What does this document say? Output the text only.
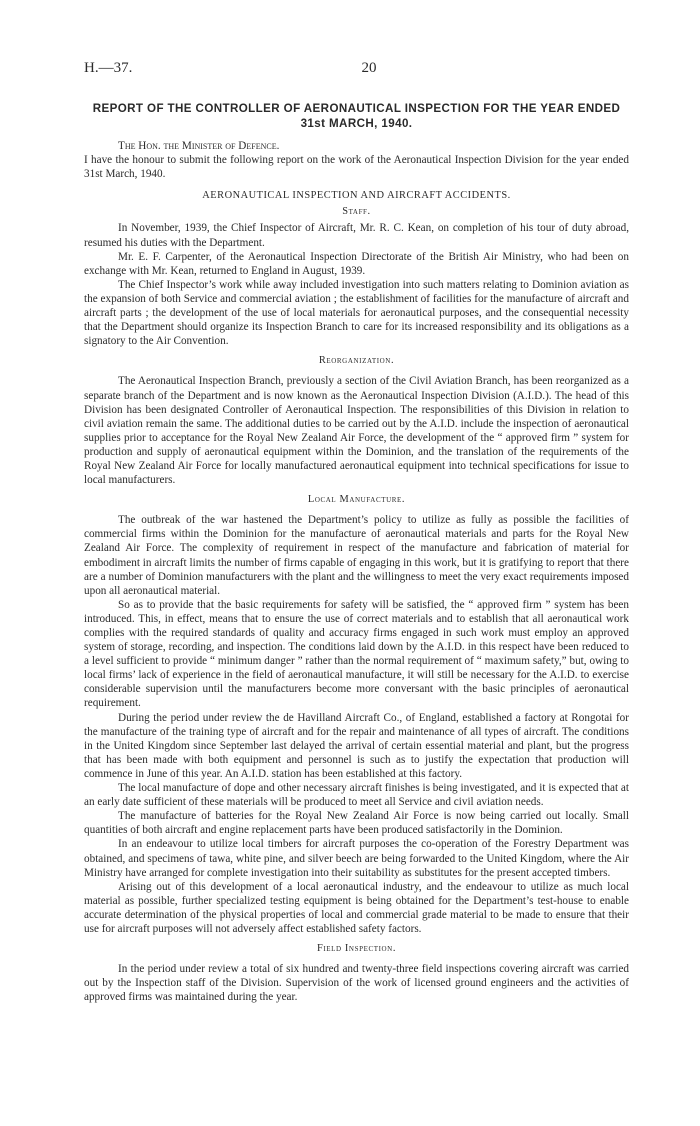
H.—37.	20
REPORT OF THE CONTROLLER OF AERONAUTICAL INSPECTION FOR THE YEAR ENDED 31st MARCH, 1940.
The Hon. the Minister of Defence.
I have the honour to submit the following report on the work of the Aeronautical Inspection Division for the year ended 31st March, 1940.
AERONAUTICAL INSPECTION AND AIRCRAFT ACCIDENTS.
Staff.

In November, 1939, the Chief Inspector of Aircraft, Mr. R. C. Kean, on completion of his tour of duty abroad, resumed his duties with the Department.

Mr. E. F. Carpenter, of the Aeronautical Inspection Directorate of the British Air Ministry, who had been on exchange with Mr. Kean, returned to England in August, 1939.

The Chief Inspector’s work while away included investigation into such matters relating to Dominion aviation as the expansion of both Service and commercial aviation ; the establishment of facilities for the manufacture of aircraft and aircraft parts ; the development of the use of local materials for aeronautical purposes, and the consequential necessity that the Department should organize its Inspection Branch to care for its increased responsibility and its obligations as a signatory to the Air Convention.

Reorganization.

The Aeronautical Inspection Branch, previously a section of the Civil Aviation Branch, has been reorganized as a separate branch of the Department and is now known as the Aeronautical Inspection Division (A.I.D.). The head of this Division has been designated Controller of Aeronautical Inspection. The responsibilities of this Division in relation to civil aviation remain the same. The additional duties to be carried out by the A.I.D. include the inspection of aeronautical supplies prior to acceptance for the Royal New Zealand Air Force, the development of the “ approved firm ” system for production and supply of aeronautical equipment within the Dominion, and the translation of the requirements of the Royal New Zealand Air Force for locally manufactured aeronautical equipment into technical specifications for issue to local manufacturers.

Local Manufacture.

The outbreak of the war hastened the Department’s policy to utilize as fully as possible the facilities of commercial firms within the Dominion for the manufacture of aeronautical materials and parts for the Royal New Zealand Air Force. The complexity of requirement in respect of the manufacture and fabrication of material for embodiment in aircraft limits the number of firms capable of engaging in this work, but it is gratifying to report that there are a number of Dominion manufacturers with the plant and the willingness to meet the very exact requirements imposed upon all aeronautical material.

So as to provide that the basic requirements for safety will be satisfied, the “ approved firm ” system has been introduced. This, in effect, means that to ensure the use of correct materials and to establish that all aeronautical work complies with the required standards of quality and accuracy firms engaged in such work must employ an approved system of storage, recording, and inspection. The conditions laid down by the A.I.D. in this respect have been reduced to a level sufficient to provide “ minimum danger ” rather than the normal requirement of “ maximum safety,” but, owing to local firms’ lack of experience in the field of aeronautical manufacture, it will still be necessary for the A.I.D. to exercise considerable supervision until the manufacturers become more conversant with the basic principles of aeronautical requirement.

During the period under review the de Havilland Aircraft Co., of England, established a factory at Rongotai for the manufacture of the training type of aircraft and for the repair and maintenance of all types of aircraft. The conditions in the United Kingdom since September last delayed the arrival of certain essential material and plant, but the progress that has been made with both equipment and personnel is such as to justify the expectation that production will commence in June of this year. An A.I.D. station has been established at this factory.

The local manufacture of dope and other necessary aircraft finishes is being investigated, and it is expected that at an early date sufficient of these materials will be produced to meet all Service and civil aviation needs.

The manufacture of batteries for the Royal New Zealand Air Force is now being carried out locally. Small quantities of both aircraft and engine replacement parts have been produced satisfactorily in the Dominion.

In an endeavour to utilize local timbers for aircraft purposes the co-operation of the Forestry Department was obtained, and specimens of tawa, white pine, and silver beech are being forwarded to the United Kingdom, where the Air Ministry have arranged for complete investigation into their suitability as substitutes for the present accepted timbers.

Arising out of this development of a local aeronautical industry, and the endeavour to utilize as much local material as possible, further specialized testing equipment is being obtained for the Department’s test-house to enable accurate determination of the physical properties of local and commercial grade material to be made to ensure that their use for aircraft purposes will not adversely affect established safety factors.

Field Inspection.

In the period under review a total of six hundred and twenty-three field inspections covering aircraft was carried out by the Inspection staff of the Division. Supervision of the work of licensed ground engineers and the activities of approved firms was maintained during the year.
